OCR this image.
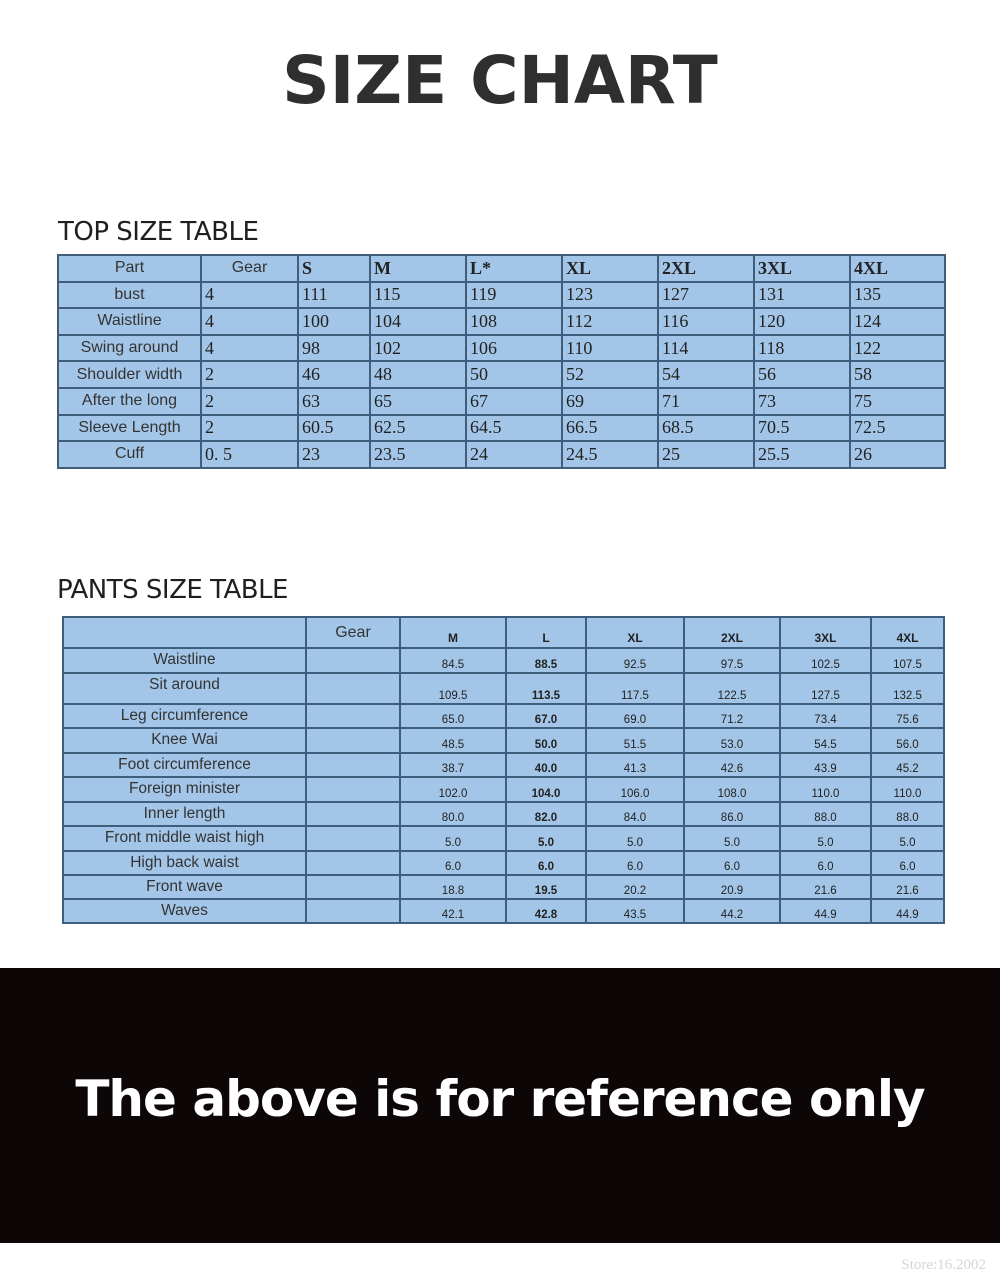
SIZE CHART
TOP SIZE TABLE
Part	Gear	S	M	L*	XL	2XL	3XL	4XL
bust	4	111	115	119	123	127	131	135
Waistline	4	100	104	108	112	116	120	124
Swing around	4	98	102	106	110	114	118	122
Shoulder width	2	46	48	50	52	54	56	58
After the long	2	63	65	67	69	71	73	75
Sleeve Length	2	60.5	62.5	64.5	66.5	68.5	70.5	72.5
Cuff	0. 5	23	23.5	24	24.5	25	25.5	26
PANTS SIZE TABLE
	Gear	M	L	XL	2XL	3XL	4XL
Waistline		84.5	88.5	92.5	97.5	102.5	107.5
Sit around		109.5	113.5	117.5	122.5	127.5	132.5
Leg circumference		65.0	67.0	69.0	71.2	73.4	75.6
Knee Wai		48.5	50.0	51.5	53.0	54.5	56.0
Foot circumference		38.7	40.0	41.3	42.6	43.9	45.2
Foreign minister		102.0	104.0	106.0	108.0	110.0	110.0
Inner length		80.0	82.0	84.0	86.0	88.0	88.0
Front middle waist high		5.0	5.0	5.0	5.0	5.0	5.0
High back waist		6.0	6.0	6.0	6.0	6.0	6.0
Front wave		18.8	19.5	20.2	20.9	21.6	21.6
Waves		42.1	42.8	43.5	44.2	44.9	44.9
The above is for reference only
Store:16.2002
